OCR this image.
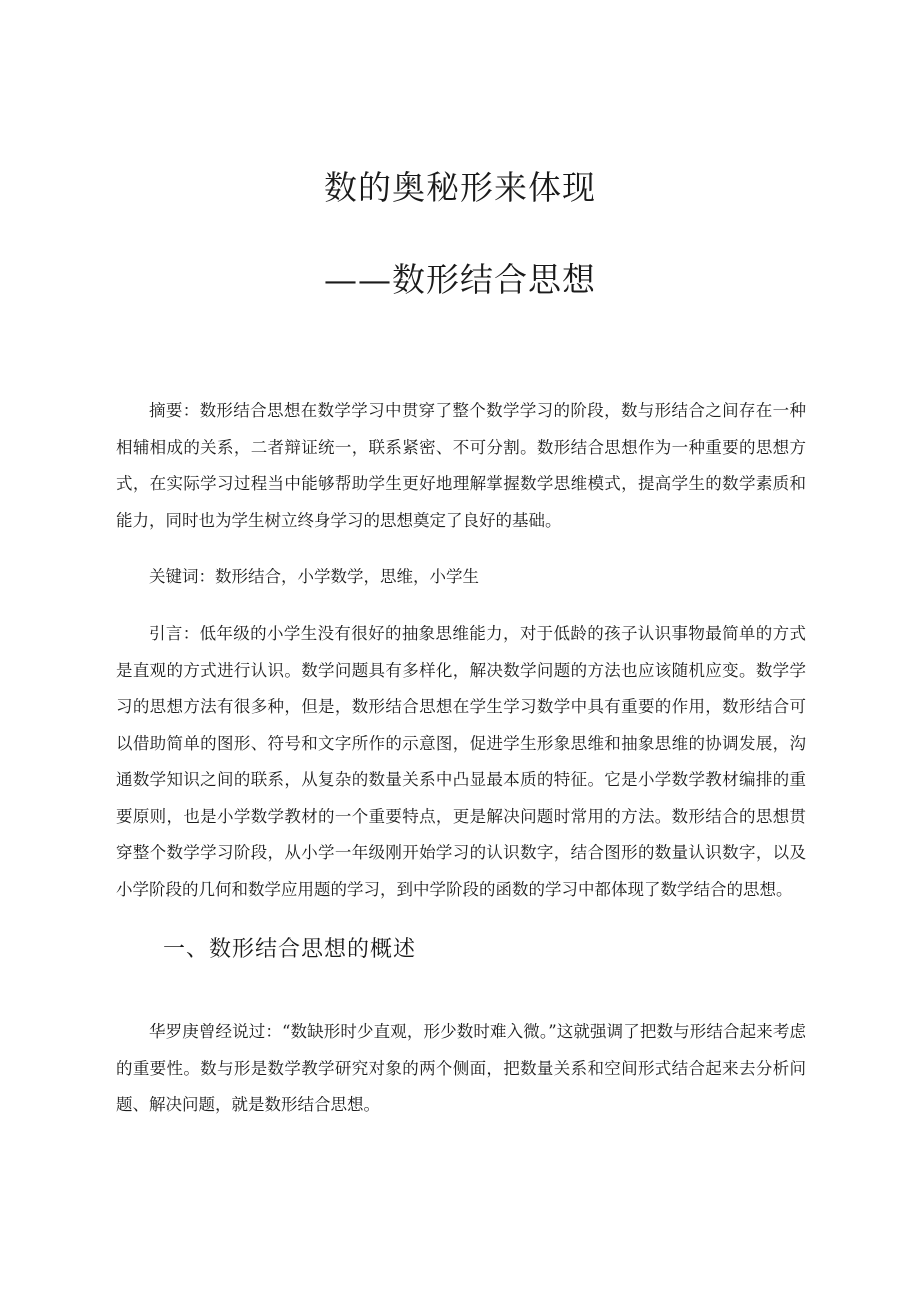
数的奥秘形来体现
——数形结合思想

摘要：数形结合思想在数学学习中贯穿了整个数学学习的阶段，数与形结合之间存在一种相辅相成的关系，二者辩证统一，联系紧密、不可分割。数形结合思想作为一种重要的思想方式，在实际学习过程当中能够帮助学生更好地理解掌握数学思维模式，提高学生的数学素质和能力，同时也为学生树立终身学习的思想奠定了良好的基础。

关键词：数形结合，小学数学，思维，小学生

引言：低年级的小学生没有很好的抽象思维能力，对于低龄的孩子认识事物最简单的方式是直观的方式进行认识。数学问题具有多样化，解决数学问题的方法也应该随机应变。数学学习的思想方法有很多种，但是，数形结合思想在学生学习数学中具有重要的作用，数形结合可以借助简单的图形、符号和文字所作的示意图，促进学生形象思维和抽象思维的协调发展，沟通数学知识之间的联系，从复杂的数量关系中凸显最本质的特征。它是小学数学教材编排的重要原则，也是小学数学教材的一个重要特点，更是解决问题时常用的方法。数形结合的思想贯穿整个数学学习阶段，从小学一年级刚开始学习的认识数字，结合图形的数量认识数字，以及小学阶段的几何和数学应用题的学习，到中学阶段的函数的学习中都体现了数学结合的思想。

一、数形结合思想的概述

华罗庚曾经说过：“数缺形时少直观，形少数时难入微。”这就强调了把数与形结合起来考虑的重要性。数与形是数学教学研究对象的两个侧面，把数量关系和空间形式结合起来去分析问题、解决问题，就是数形结合思想。
